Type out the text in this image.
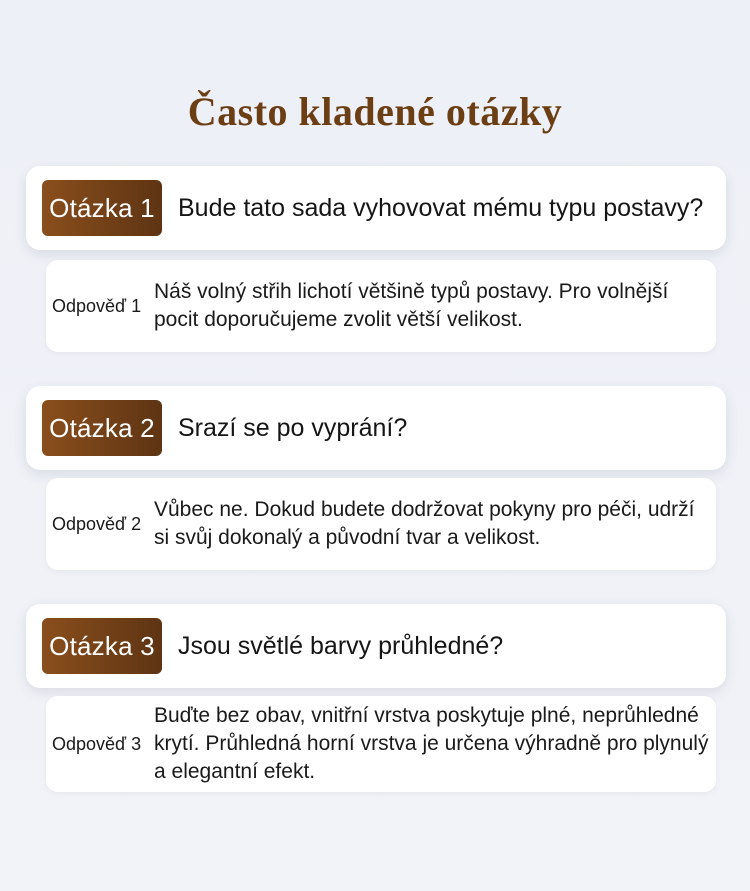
Často kladené otázky
Otázka 1 Bude tato sada vyhovovat mému typu postavy?
Odpověď 1
Náš volný střih lichotí většině typů postavy. Pro volnější pocit doporučujeme zvolit větší velikost.
Otázka 2 Srazí se po vyprání?
Odpověď 2
Vůbec ne. Dokud budete dodržovat pokyny pro péči, udrží si svůj dokonalý a původní tvar a velikost.
Otázka 3 Jsou světlé barvy průhledné?
Odpověď 3
Buďte bez obav, vnitřní vrstva poskytuje plné, neprůhledné krytí. Průhledná horní vrstva je určena výhradně pro plynulý a elegantní efekt.
